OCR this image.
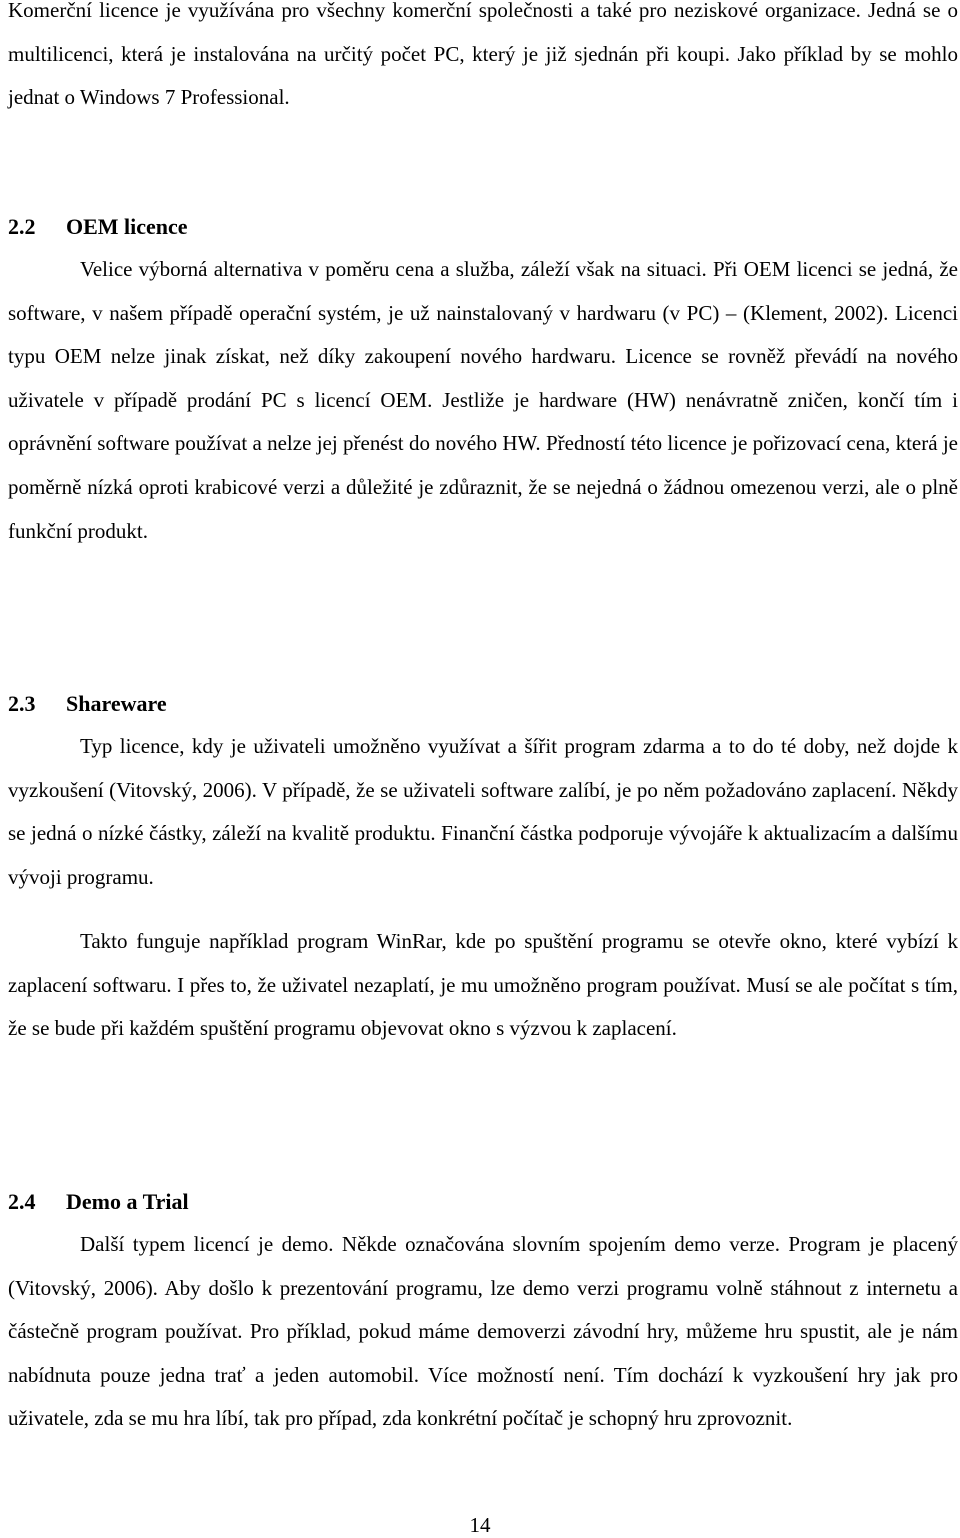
Komerční licence je využívána pro všechny komerční společnosti a také pro neziskové organizace. Jedná se o multilicenci, která je instalována na určitý počet PC, který je již sjednán při koupi. Jako příklad by se mohlo jednat o Windows 7 Professional.

2.2 OEM licence

Velice výborná alternativa v poměru cena a služba, záleží však na situaci. Při OEM licenci se jedná, že software, v našem případě operační systém, je už nainstalovaný v hardwaru (v PC) – (Klement, 2002). Licenci typu OEM nelze jinak získat, než díky zakoupení nového hardwaru. Licence se rovněž převádí na nového uživatele v případě prodání PC s licencí OEM. Jestliže je hardware (HW) nenávratně zničen, končí tím i oprávnění software používat a nelze jej přenést do nového HW. Předností této licence je pořizovací cena, která je poměrně nízká oproti krabicové verzi a důležité je zdůraznit, že se nejedná o žádnou omezenou verzi, ale o plně funkční produkt.

2.3 Shareware

Typ licence, kdy je uživateli umožněno využívat a šířit program zdarma a to do té doby, než dojde k vyzkoušení (Vitovský, 2006). V případě, že se uživateli software zalíbí, je po něm požadováno zaplacení. Někdy se jedná o nízké částky, záleží na kvalitě produktu. Finanční částka podporuje vývojáře k aktualizacím a dalšímu vývoji programu.

Takto funguje například program WinRar, kde po spuštění programu se otevře okno, které vybízí k zaplacení softwaru. I přes to, že uživatel nezaplatí, je mu umožněno program používat. Musí se ale počítat s tím, že se bude při každém spuštění programu objevovat okno s výzvou k zaplacení.

2.4 Demo a Trial

Další typem licencí je demo. Někde označována slovním spojením demo verze. Program je placený (Vitovský, 2006). Aby došlo k prezentování programu, lze demo verzi programu volně stáhnout z internetu a částečně program používat. Pro příklad, pokud máme demoverzi závodní hry, můžeme hru spustit, ale je nám nabídnuta pouze jedna trať a jeden automobil. Více možností není. Tím dochází k vyzkoušení hry jak pro uživatele, zda se mu hra líbí, tak pro případ, zda konkrétní počítač je schopný hru zprovoznit.

14
